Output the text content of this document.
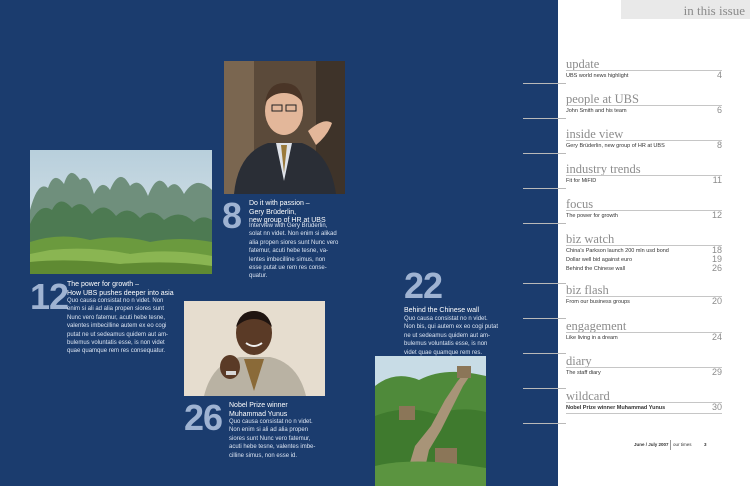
12
The power for growth –
How UBS pushes deeper into asia
Quo causa consistat no n videt. Non
enim si ali ad alia propen siores sunt
Nunc vero fatemur, acuti hebe tesne,
valentes imbecilline autem ex eo cogi
putat ne ut sedeamus quidem aut am-
bulemus voluntatis esse, is non videt
quae quamque rem res consequatur.
8 Do it with passion –
Gery Brüderlin,
new group of HR at UBS
Interview with Gery Brüderlin,
solat nn videt. Non enim si alikad
alia propen siores sunt Nunc vero
fatemur, acuti hebe tesne, va-
lentes imbecilline simus, non
esse putat ue rem res conse-
quatur.
26 Nobel Prize winner
Muhammad Yunus
Quo causa consistat no n videt.
Non enim si ali ad alia propen
siores sunt Nunc vero fatemur,
acuti hebe tesne, valentes imbe-
cilline simus, non esse id.
22
Behind the Chinese wall
Quo causa consistat no n videt.
Non bis, qui autem ex eo cogi putat
ne ut sedeamus quidem aut am-
bulemus voluntatis esse, is non
videt quae quamque rem res.
in this issue
update
UBS world news highlight	4
people at UBS
John Smith and his team	6
inside view
Gery Brüderlin, new group of HR at UBS	8
industry trends
Fit for MiFID	11
focus
The power for growth	12
biz watch
China's Parkson launch 200 mln usd bond	18
Dollar well bid against euro	19
Behind the Chinese wall	26
biz flash
From our business groups	20
engagement
Like living in a dream	24
diary
The staff diary	29
wildcard
Nobel Prize winner Muhammad Yunus	30
June / July 2007 our times	3
